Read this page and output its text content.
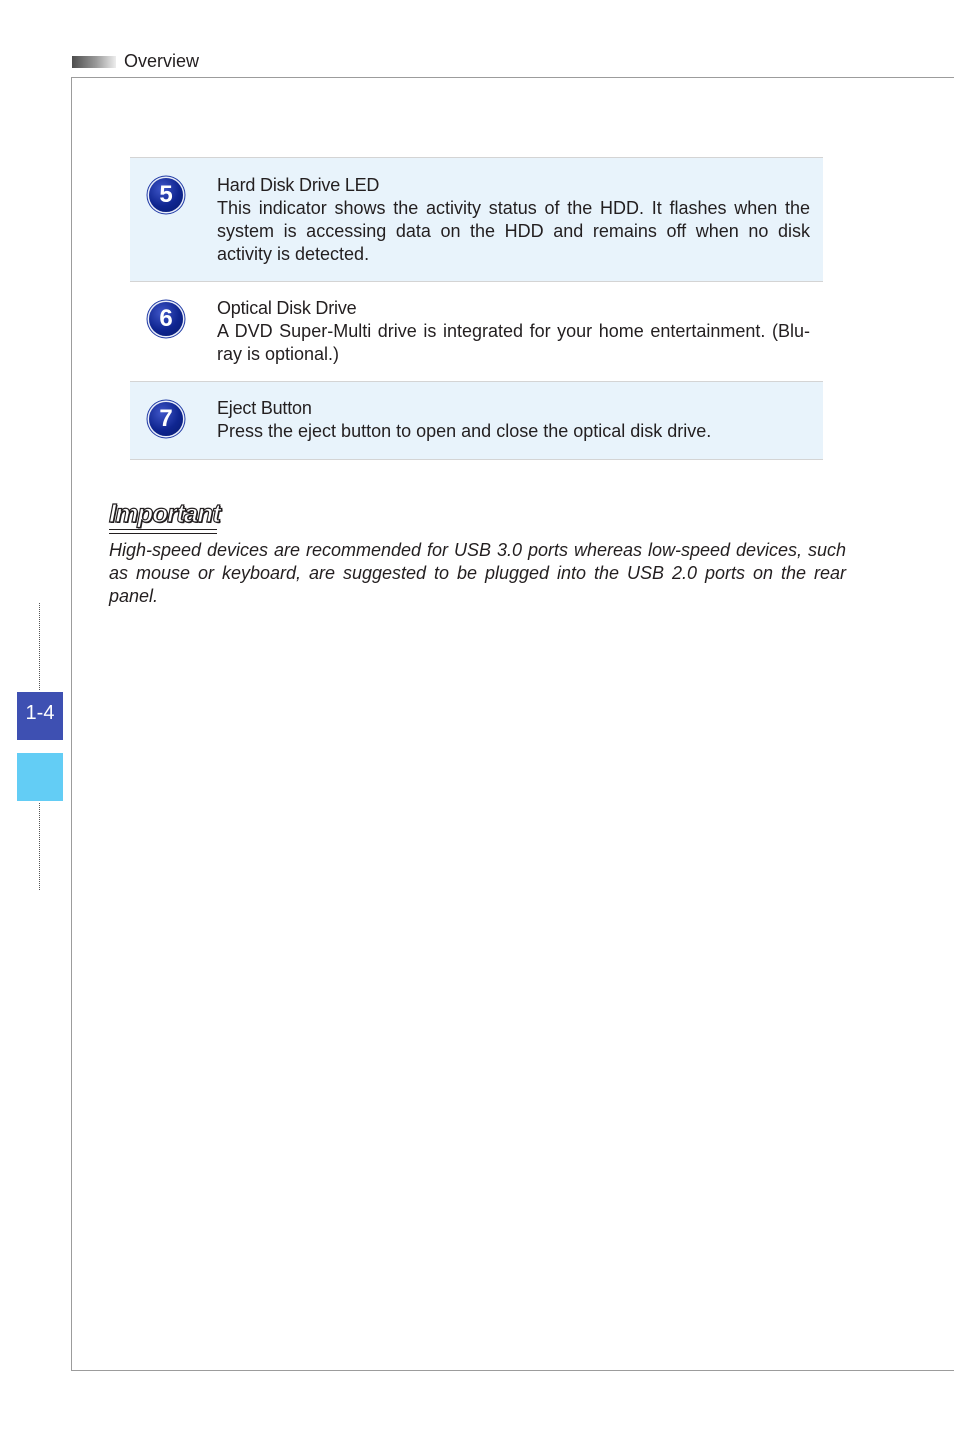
Overview
5	Hard Disk Drive LED
This indicator shows the activity status of the HDD. It flashes when the system is accessing data on the HDD and remains off when no disk activity is detected.
6	Optical Disk Drive
A DVD Super-Multi drive is integrated for your home entertainment. (Blu-ray is optional.)
7	Eject Button
Press the eject button to open and close the optical disk drive.
Important
High-speed devices are recommended for USB 3.0 ports whereas low-speed devices, such as mouse or keyboard, are suggested to be plugged into the USB 2.0 ports on the rear panel.
1-4
